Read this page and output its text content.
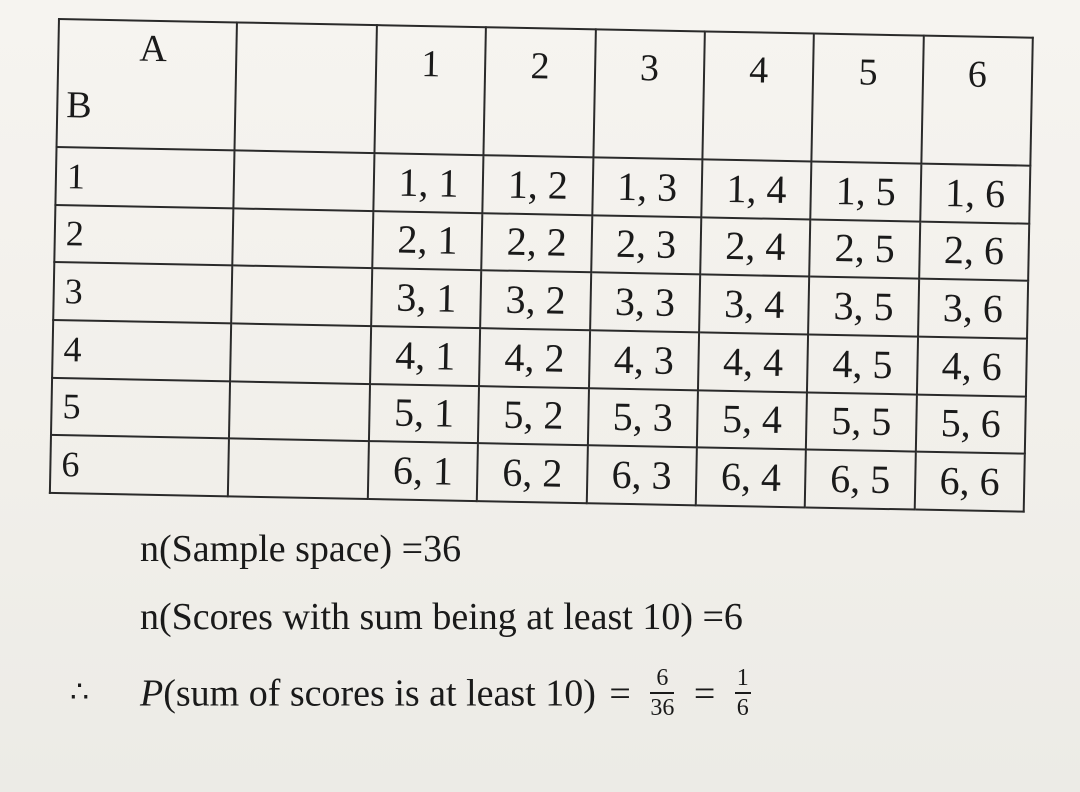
A
B		1	2	3	4	5	6
1		1, 1	1, 2	1, 3	1, 4	1, 5	1, 6
2		2, 1	2, 2	2, 3	2, 4	2, 5	2, 6
3		3, 1	3, 2	3, 3	3, 4	3, 5	3, 6
4		4, 1	4, 2	4, 3	4, 4	4, 5	4, 6
5		5, 1	5, 2	5, 3	5, 4	5, 5	5, 6
6		6, 1	6, 2	6, 3	6, 4	6, 5	6, 6
n(Sample space) =36
n(Scores with sum being at least 10) =6
∴ P(sum of scores is at least $10) = \frac{6}{36} = \frac{1}{6}$
